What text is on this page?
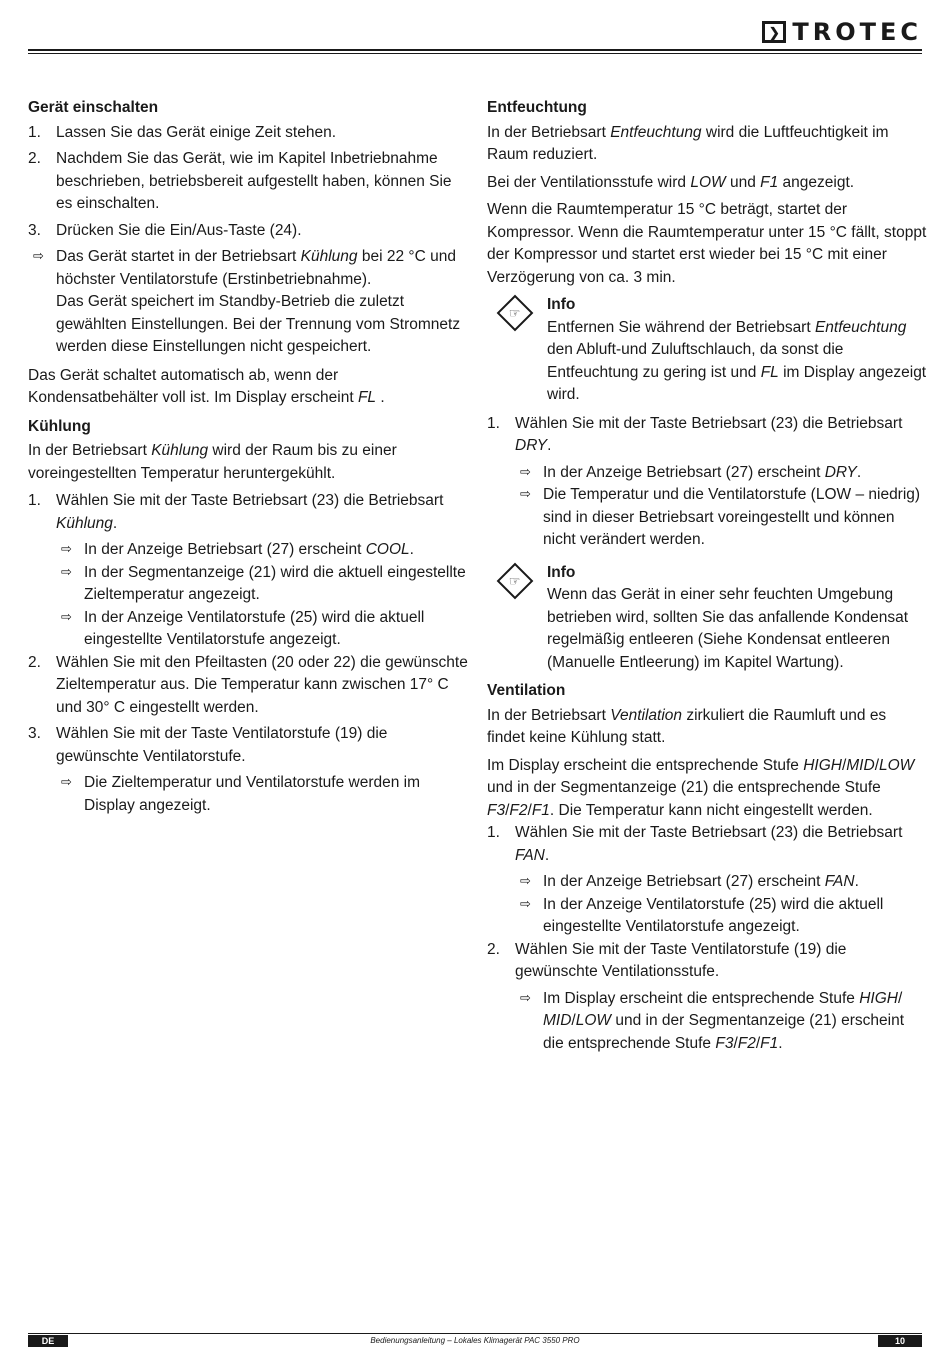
❯ TROTEC
Gerät einschalten
1. Lassen Sie das Gerät einige Zeit stehen.
2. Nachdem Sie das Gerät, wie im Kapitel Inbetriebnahme beschrieben, betriebsbereit aufgestellt haben, können Sie es einschalten.
3. Drücken Sie die Ein/Aus-Taste (24).
⇨ Das Gerät startet in der Betriebsart Kühlung bei 22 °C und höchster Ventilatorstufe (Erstinbetriebnahme).
Das Gerät speichert im Standby-Betrieb die zuletzt gewählten Einstellungen. Bei der Trennung vom Stromnetz werden diese Einstellungen nicht gespeichert.

Das Gerät schaltet automatisch ab, wenn der Kondensatbehälter voll ist. Im Display erscheint FL .

Kühlung

In der Betriebsart Kühlung wird der Raum bis zu einer voreingestellten Temperatur heruntergekühlt.

1. Wählen Sie mit der Taste Betriebsart (23) die Betriebsart Kühlung.
⇨ In der Anzeige Betriebsart (27) erscheint COOL.
⇨ In der Segmentanzeige (21) wird die aktuell eingestellte Zieltemperatur angezeigt.
⇨ In der Anzeige Ventilatorstufe (25) wird die aktuell eingestellte Ventilatorstufe angezeigt.
2. Wählen Sie mit den Pfeiltasten (20 oder 22) die gewünschte Zieltemperatur aus. Die Temperatur kann zwischen 17° C und 30° C eingestellt werden.
3. Wählen Sie mit der Taste Ventilatorstufe (19) die gewünschte Ventilatorstufe.
⇨ Die Zieltemperatur und Ventilatorstufe werden im Display angezeigt.
Entfeuchtung

In der Betriebsart Entfeuchtung wird die Luftfeuchtigkeit im Raum reduziert.

Bei der Ventilationsstufe wird LOW und F1 angezeigt.

Wenn die Raumtemperatur 15 °C beträgt, startet der Kompressor. Wenn die Raumtemperatur unter 15 °C fällt, stoppt der Kompressor und startet erst wieder bei 15 °C mit einer Verzögerung von ca. 3 min.

☞ Info
Entfernen Sie während der Betriebsart Entfeuchtung den Abluft-und Zuluftschlauch, da sonst die Entfeuchtung zu gering ist und FL im Display angezeigt wird.
1. Wählen Sie mit der Taste Betriebsart (23) die Betriebsart DRY.
⇨ In der Anzeige Betriebsart (27) erscheint DRY.
⇨ Die Temperatur und die Ventilatorstufe (LOW – niedrig) sind in dieser Betriebsart voreingestellt und können nicht verändert werden.
☞ Info
Wenn das Gerät in einer sehr feuchten Umgebung betrieben wird, sollten Sie das anfallende Kondensat regelmäßig entleeren (Siehe Kondensat entleeren (Manuelle Entleerung) im Kapitel Wartung).
Ventilation

In der Betriebsart Ventilation zirkuliert die Raumluft und es findet keine Kühlung statt.

Im Display erscheint die entsprechende Stufe HIGH/MID/LOW und in der Segmentanzeige (21) die entsprechende Stufe F3/F2/F1. Die Temperatur kann nicht eingestellt werden.

1. Wählen Sie mit der Taste Betriebsart (23) die Betriebsart FAN.
⇨ In der Anzeige Betriebsart (27) erscheint FAN.
⇨ In der Anzeige Ventilatorstufe (25) wird die aktuell eingestellte Ventilatorstufe angezeigt.
2. Wählen Sie mit der Taste Ventilatorstufe (19) die gewünschte Ventilationsstufe.
⇨ Im Display erscheint die entsprechende Stufe HIGH/ MID/LOW und in der Segmentanzeige (21) erscheint die entsprechende Stufe F3/F2/F1.
DE	Bedienungsanleitung – Lokales Klimagerät PAC 3550 PRO	10
